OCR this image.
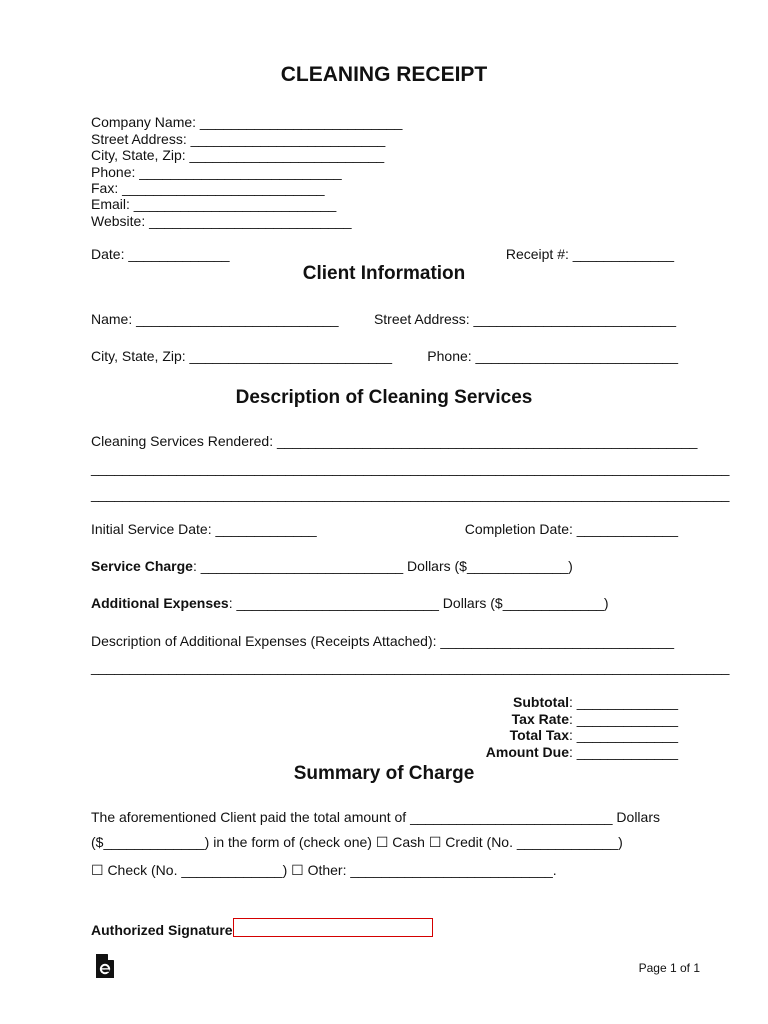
CLEANING RECEIPT
Company Name: __________________________
Street Address: _________________________
City, State, Zip: _________________________
Phone: __________________________
Fax: __________________________
Email: __________________________
Website: __________________________
Date: _____________	Receipt #: _____________
Client Information
Name: __________________________	Street Address: __________________________
City, State, Zip: __________________________	Phone: __________________________
Description of Cleaning Services
Cleaning Services Rendered: ______________________________________________________
__________________________________________________________________________________
__________________________________________________________________________________
Initial Service Date: _____________	Completion Date: _____________
Service Charge: __________________________ Dollars ($_____________)
Additional Expenses: __________________________ Dollars ($_____________)
Description of Additional Expenses (Receipts Attached): ______________________________
__________________________________________________________________________________
Subtotal: _____________
Tax Rate: _____________
Total Tax: _____________
Amount Due: _____________
Summary of Charge
The aforementioned Client paid the total amount of __________________________ Dollars
($_____________) in the form of (check one) ☐ Cash ☐ Credit (No. _____________)
☐ Check (No. _____________) ☐ Other: __________________________.
Authorized Signature
Page 1 of 1
